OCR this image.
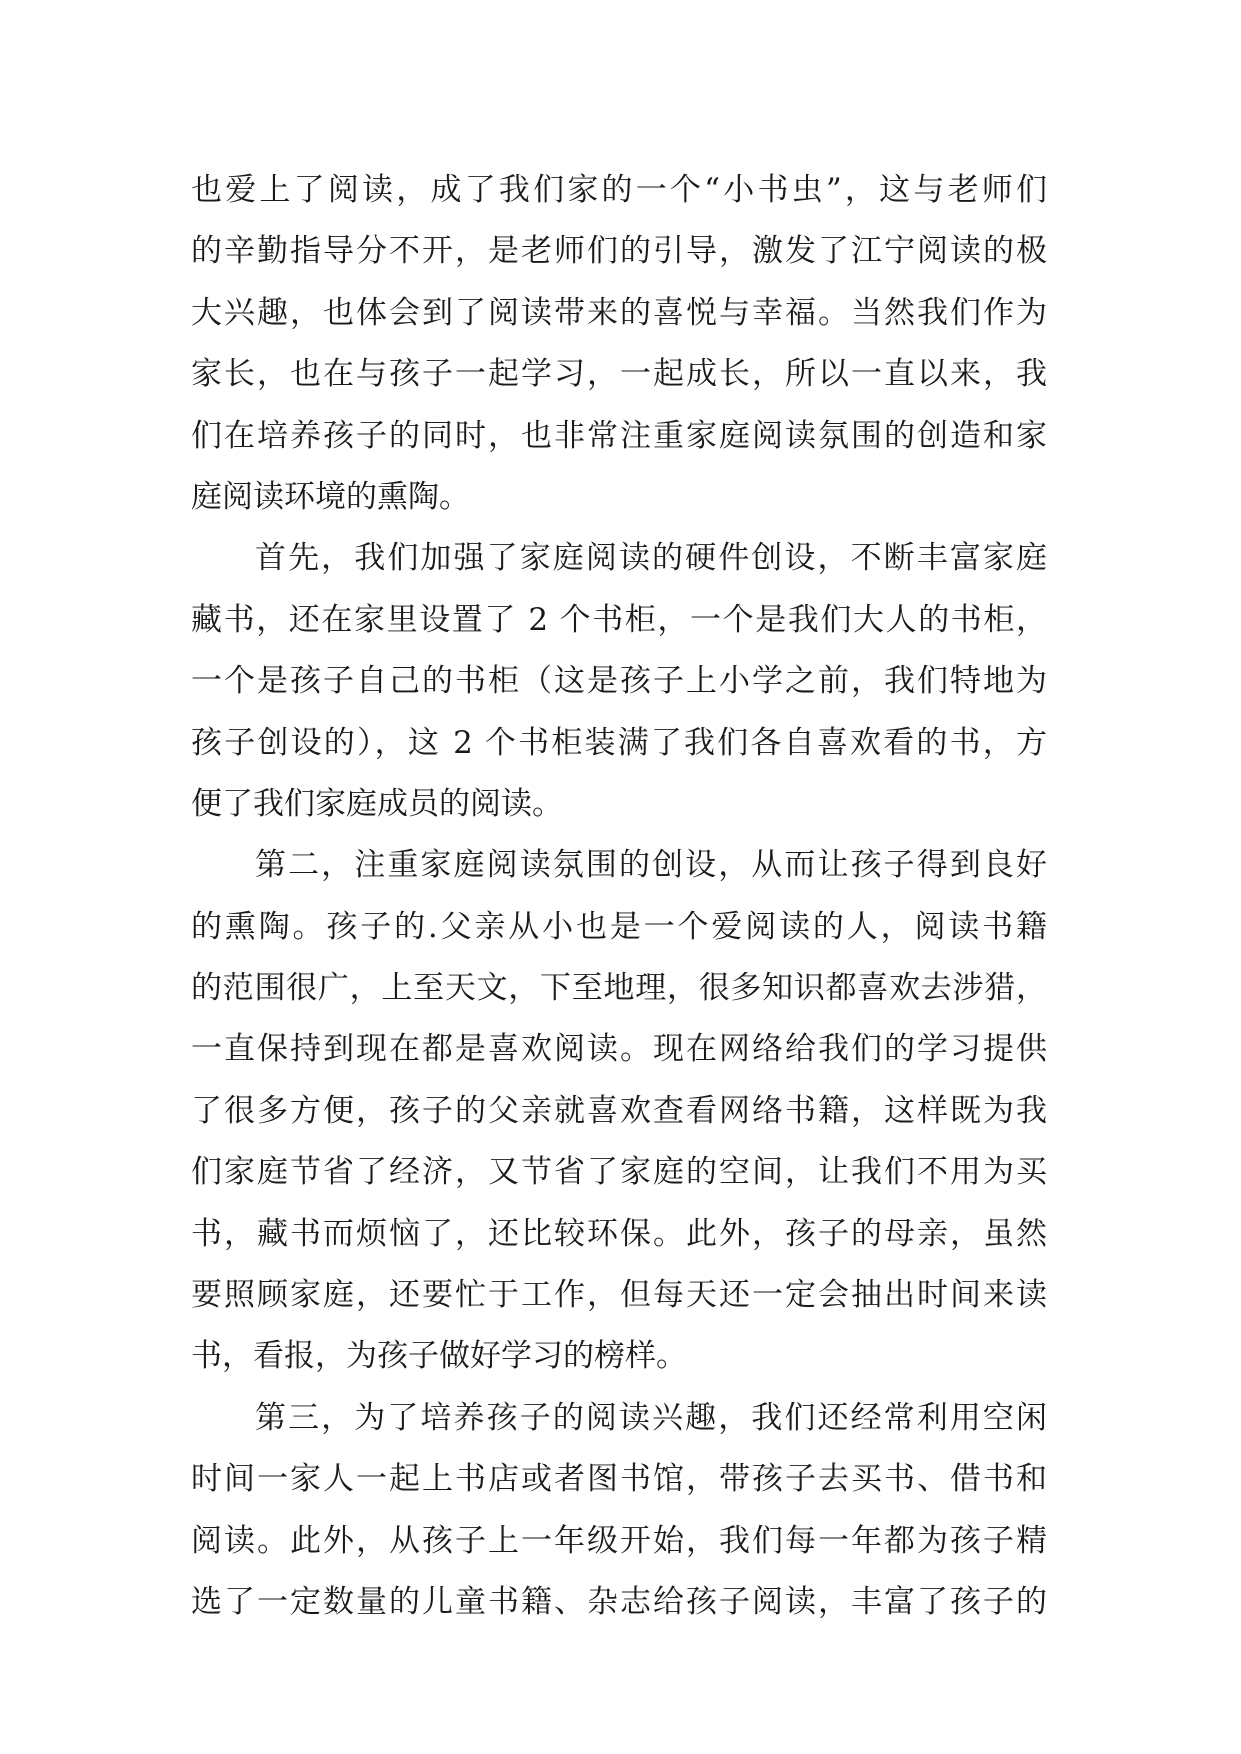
也爱上了阅读，成了我们家的一个“小书虫”，这与老师们
的辛勤指导分不开，是老师们的引导，激发了江宁阅读的极
大兴趣，也体会到了阅读带来的喜悦与幸福。当然我们作为
家长，也在与孩子一起学习，一起成长，所以一直以来，我
们在培养孩子的同时，也非常注重家庭阅读氛围的创造和家
庭阅读环境的熏陶。
首先，我们加强了家庭阅读的硬件创设，不断丰富家庭
藏书，还在家里设置了 2 个书柜，一个是我们大人的书柜，
一个是孩子自己的书柜（这是孩子上小学之前，我们特地为
孩子创设的），这 2 个书柜装满了我们各自喜欢看的书，方
便了我们家庭成员的阅读。
第二，注重家庭阅读氛围的创设，从而让孩子得到良好
的熏陶。孩子的.父亲从小也是一个爱阅读的人，阅读书籍
的范围很广，上至天文，下至地理，很多知识都喜欢去涉猎，
一直保持到现在都是喜欢阅读。现在网络给我们的学习提供
了很多方便，孩子的父亲就喜欢查看网络书籍，这样既为我
们家庭节省了经济，又节省了家庭的空间，让我们不用为买
书，藏书而烦恼了，还比较环保。此外，孩子的母亲，虽然
要照顾家庭，还要忙于工作，但每天还一定会抽出时间来读
书，看报，为孩子做好学习的榜样。
第三，为了培养孩子的阅读兴趣，我们还经常利用空闲
时间一家人一起上书店或者图书馆，带孩子去买书、借书和
阅读。此外，从孩子上一年级开始，我们每一年都为孩子精
选了一定数量的儿童书籍、杂志给孩子阅读，丰富了孩子的
